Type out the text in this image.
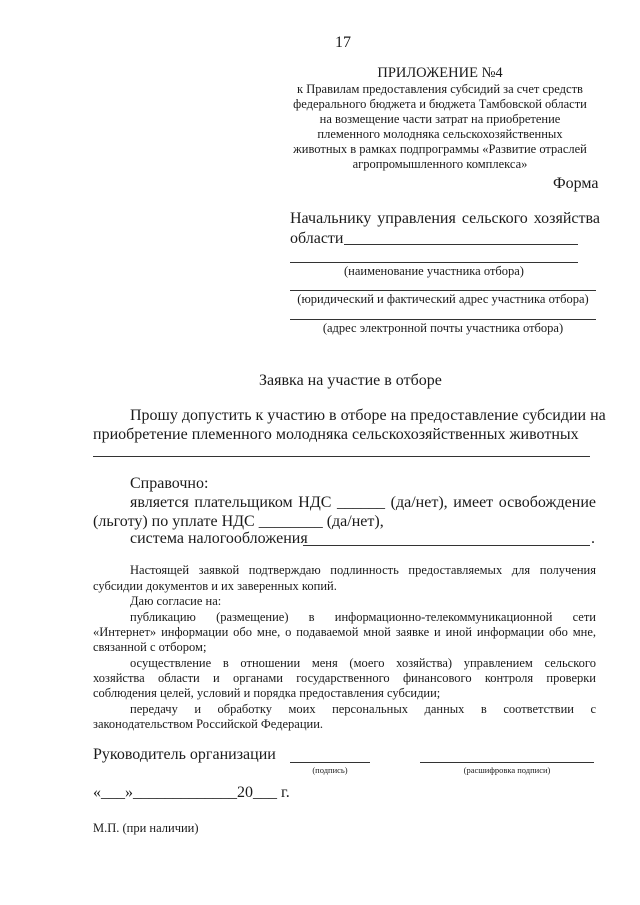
17
ПРИЛОЖЕНИЕ №4
к Правилам предоставления субсидий за счет средств
федерального бюджета и бюджета Тамбовской области
на возмещение части затрат на приобретение
племенного молодняка сельскохозяйственных
животных в рамках подпрограммы «Развитие отраслей
агропромышленного комплекса»
Форма
Начальнику управления сельского хозяйства
области
(наименование участника отбора)
(юридический и фактический адрес участника отбора)
(адрес электронной почты участника отбора)
Заявка на участие в отборе
Прошу допустить к участию в отборе на предоставление субсидии на
приобретение племенного молодняка сельскохозяйственных животных
Справочно:
является плательщиком НДС ______ (да/нет), имеет освобождение
(льготу) по уплате НДС ________ (да/нет),
система налогообложения	.
Настоящей заявкой подтверждаю подлинность предоставляемых для получения
субсидии документов и их заверенных копий.
Даю согласие на:
публикацию (размещение) в информационно-телекоммуникационной сети
«Интернет» информации обо мне, о подаваемой мной заявке и иной информации обо мне,
связанной с отбором;
осуществление в отношении меня (моего хозяйства) управлением сельского
хозяйства области и органами государственного финансового контроля проверки
соблюдения целей, условий и порядка предоставления субсидии;
передачу и обработку моих персональных данных в соответствии с
законодательством Российской Федерации.
Руководитель организации
(подпись)	(расшифровка подписи)
«___»_____________20___ г.
М.П. (при наличии)
